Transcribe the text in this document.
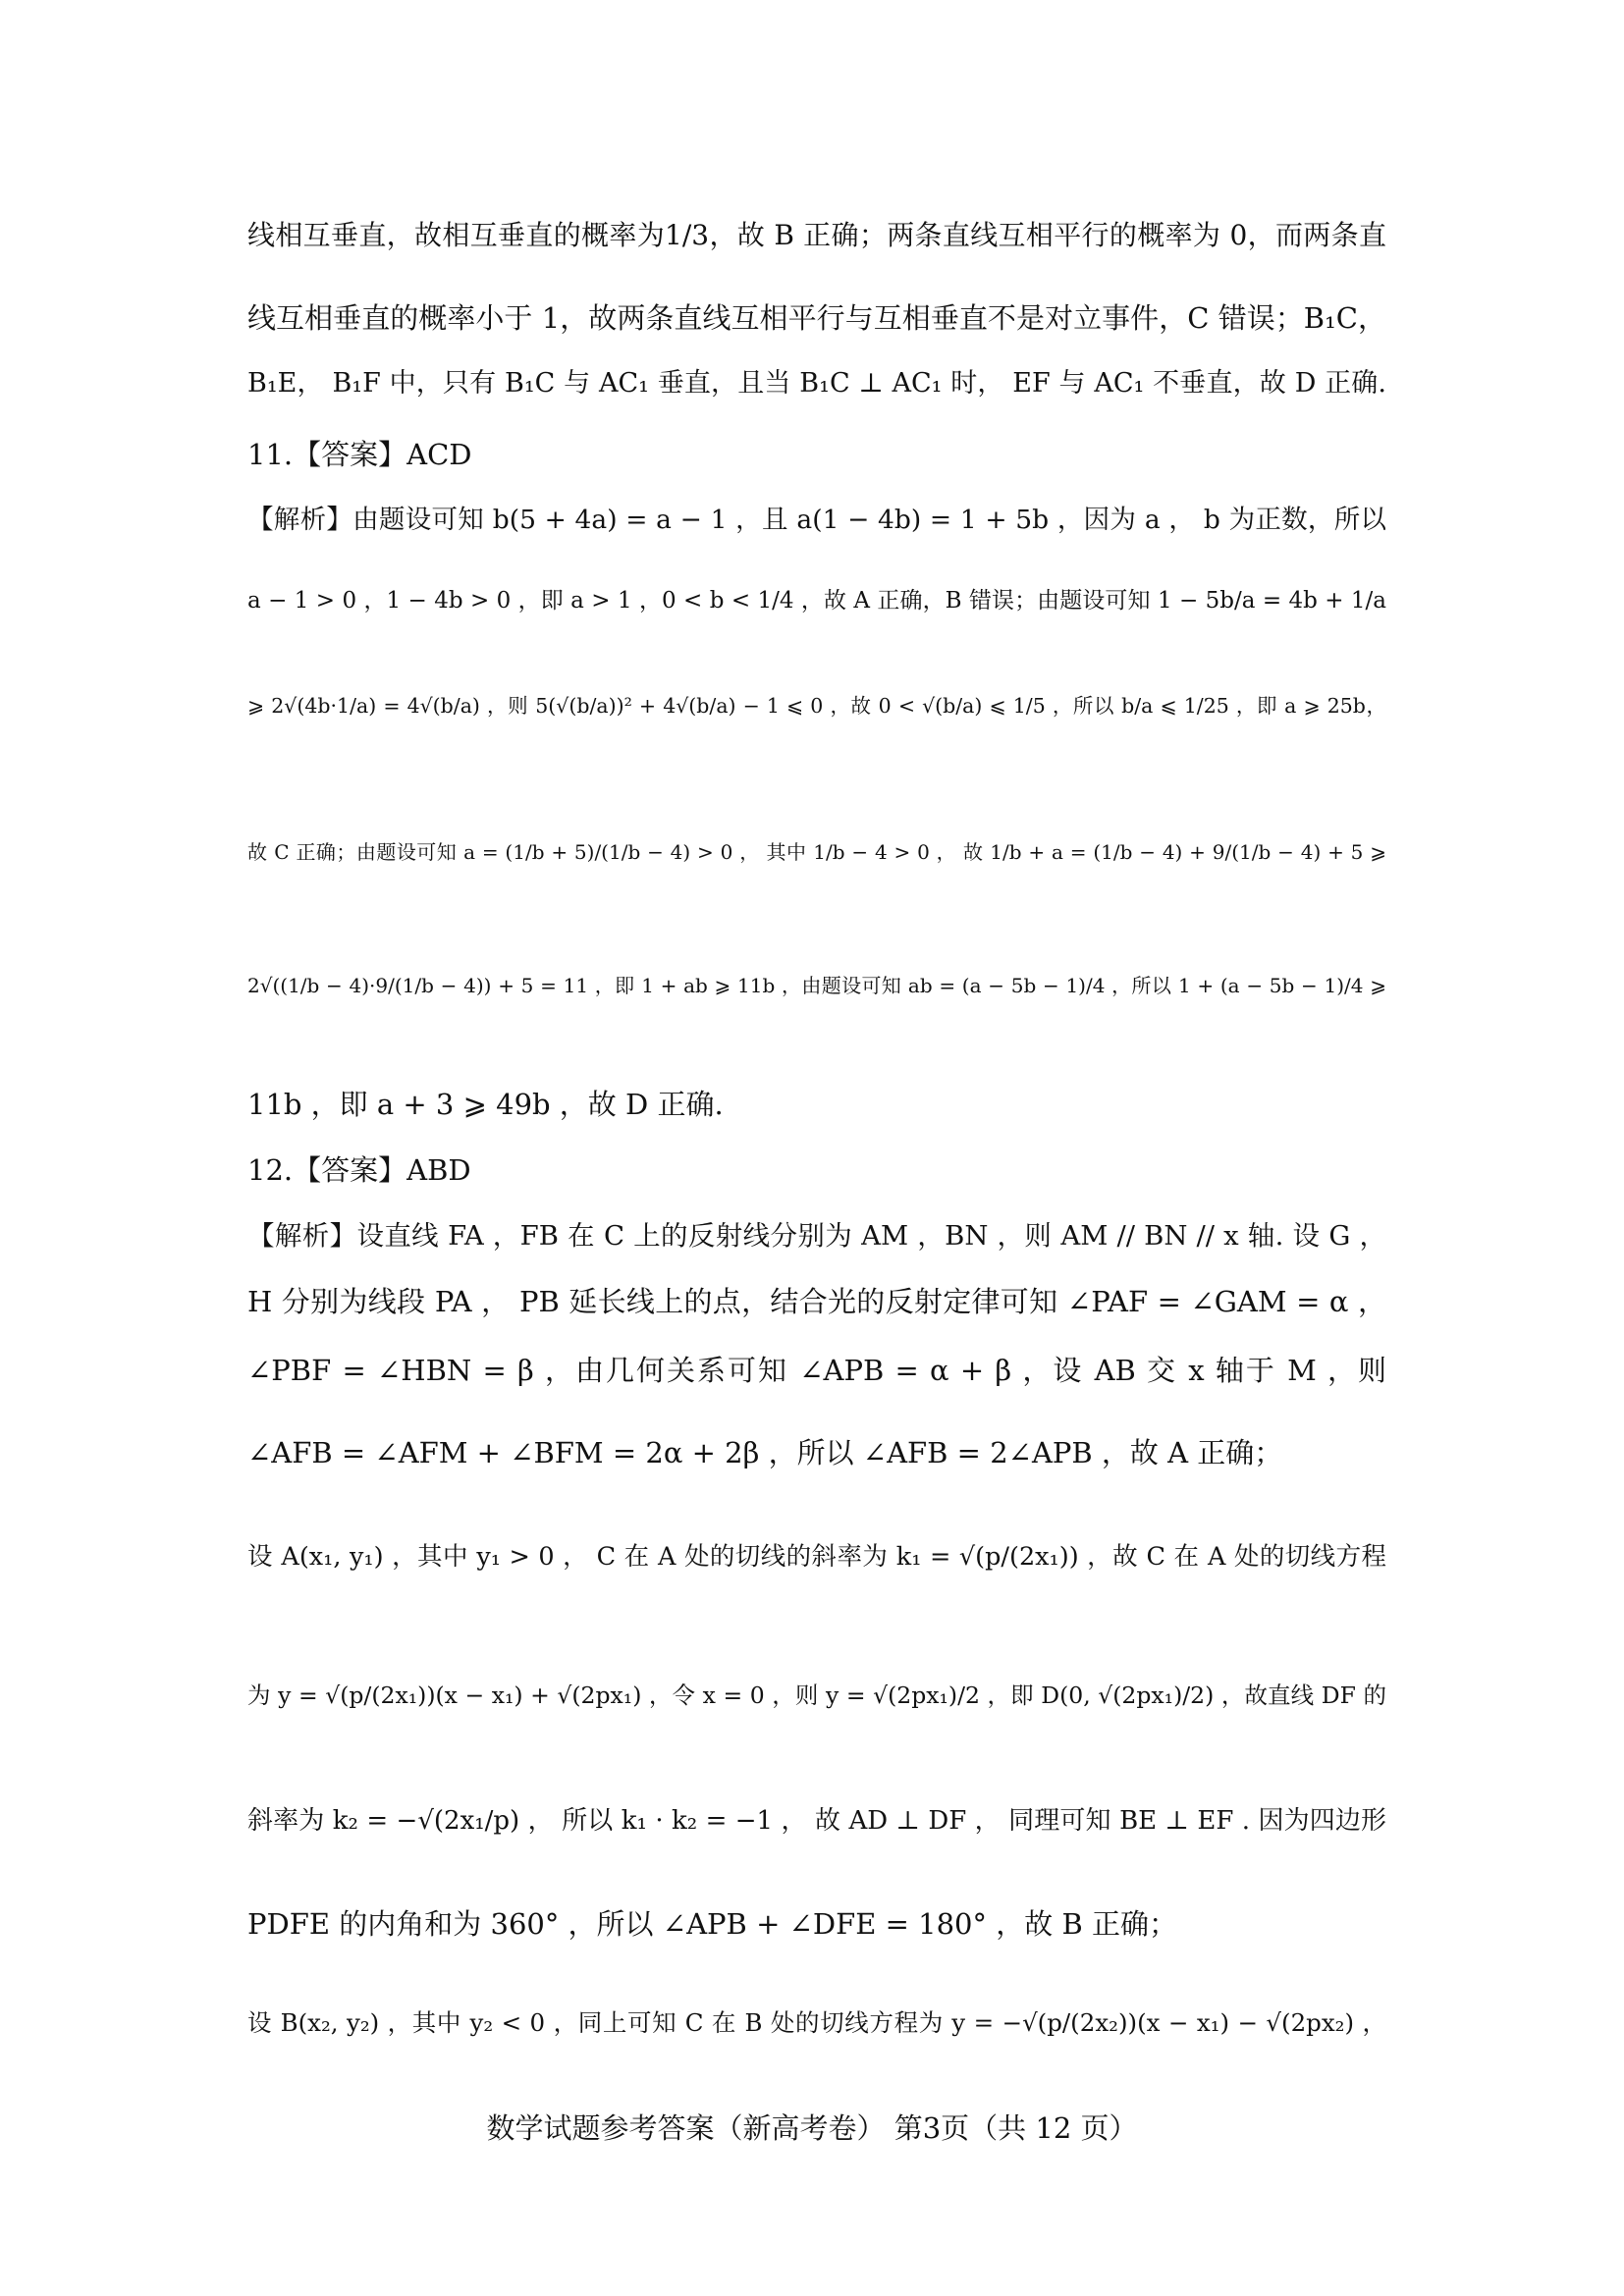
线相互垂直，故相互垂直的概率为1/3，故 B 正确；两条直线互相平行的概率为 0，而两条直
线互相垂直的概率小于 1，故两条直线互相平行与互相垂直不是对立事件，C 错误；B₁C，
B₁E， B₁F 中，只有 B₁C 与 AC₁ 垂直，且当 B₁C ⊥ AC₁ 时， EF 与 AC₁ 不垂直，故 D 正确.
11.【答案】ACD
【解析】由题设可知 b(5 + 4a) = a − 1 ，且 a(1 − 4b) = 1 + 5b ，因为 a ， b 为正数，所以
a − 1 > 0 ，1 − 4b > 0 ，即 a > 1 ，0 < b < 1/4 ，故 A 正确，B 错误；由题设可知 1 − 5b/a = 4b + 1/a
⩾ 2√(4b·1/a) = 4√(b/a) ，则 5(√(b/a))² + 4√(b/a) − 1 ⩽ 0 ，故 0 < √(b/a) ⩽ 1/5 ，所以 b/a ⩽ 1/25 ，即 a ⩾ 25b，
故 C 正确；由题设可知 a = (1/b + 5)/(1/b − 4) > 0 ， 其中 1/b − 4 > 0 ， 故 1/b + a = (1/b − 4) + 9/(1/b − 4) + 5 ⩾
2√((1/b − 4)·9/(1/b − 4)) + 5 = 11 ，即 1 + ab ⩾ 11b ，由题设可知 ab = (a − 5b − 1)/4 ，所以 1 + (a − 5b − 1)/4 ⩾
11b ，即 a + 3 ⩾ 49b ，故 D 正确.
12.【答案】ABD
【解析】设直线 FA ，FB 在 C 上的反射线分别为 AM ，BN ，则 AM // BN // x 轴. 设 G ，
H 分别为线段 PA ， PB 延长线上的点，结合光的反射定律可知 ∠PAF = ∠GAM = α ，
∠PBF = ∠HBN = β ，由几何关系可知 ∠APB = α + β ，设 AB 交 x 轴于 M ，则
∠AFB = ∠AFM + ∠BFM = 2α + 2β ，所以 ∠AFB = 2∠APB ，故 A 正确；
设 A(x₁, y₁) ，其中 y₁ > 0 ， C 在 A 处的切线的斜率为 k₁ = √(p/(2x₁)) ，故 C 在 A 处的切线方程
为 y = √(p/(2x₁))(x − x₁) + √(2px₁) ，令 x = 0 ，则 y = √(2px₁)/2 ，即 D(0, √(2px₁)/2) ，故直线 DF 的
斜率为 k₂ = −√(2x₁/p) ， 所以 k₁ · k₂ = −1 ， 故 AD ⊥ DF ， 同理可知 BE ⊥ EF . 因为四边形
PDFE 的内角和为 360° ，所以 ∠APB + ∠DFE = 180° ，故 B 正确；
设 B(x₂, y₂) ，其中 y₂ < 0 ，同上可知 C 在 B 处的切线方程为 y = −√(p/(2x₂))(x − x₁) − √(2px₂) ，
数学试题参考答案（新高考卷） 第3页（共 12 页）
